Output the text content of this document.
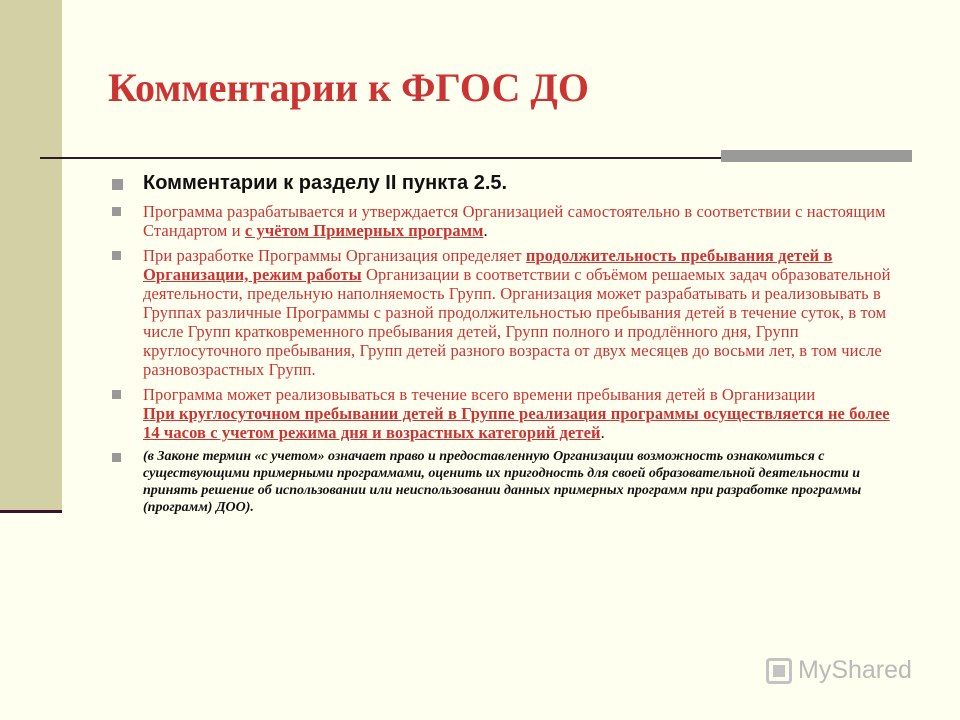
Комментарии к ФГОС ДО
Комментарии к разделу II пункта 2.5.
Программа разрабатывается и утверждается Организацией самостоятельно в соответствии с настоящим Стандартом и с учётом Примерных программ.
При разработке Программы Организация определяет продолжительность пребывания детей в Организации, режим работы Организации в соответствии с объёмом решаемых задач образовательной деятельности, предельную наполняемость Групп. Организация может разрабатывать и реализовывать в Группах различные Программы с разной продолжительностью пребывания детей в течение суток, в том числе Групп кратковременного пребывания детей, Групп полного и продлённого дня, Групп круглосуточного пребывания, Групп детей разного возраста от двух месяцев до восьми лет, в том числе разновозрастных Групп.
Программа может реализовываться в течение всего времени пребывания детей в Организации
При круглосуточном пребывании детей в Группе реализация программы осуществляется не более 14 часов с учетом режима дня и возрастных категорий детей.
(в Законе термин «с учетом» означает право и предоставленную Организации возможность ознакомиться с существующими примерными программами, оценить их пригодность для своей образовательной деятельности и принять решение об использовании или неиспользовании данных примерных программ при разработке программы (программ) ДОО).
MyShared
